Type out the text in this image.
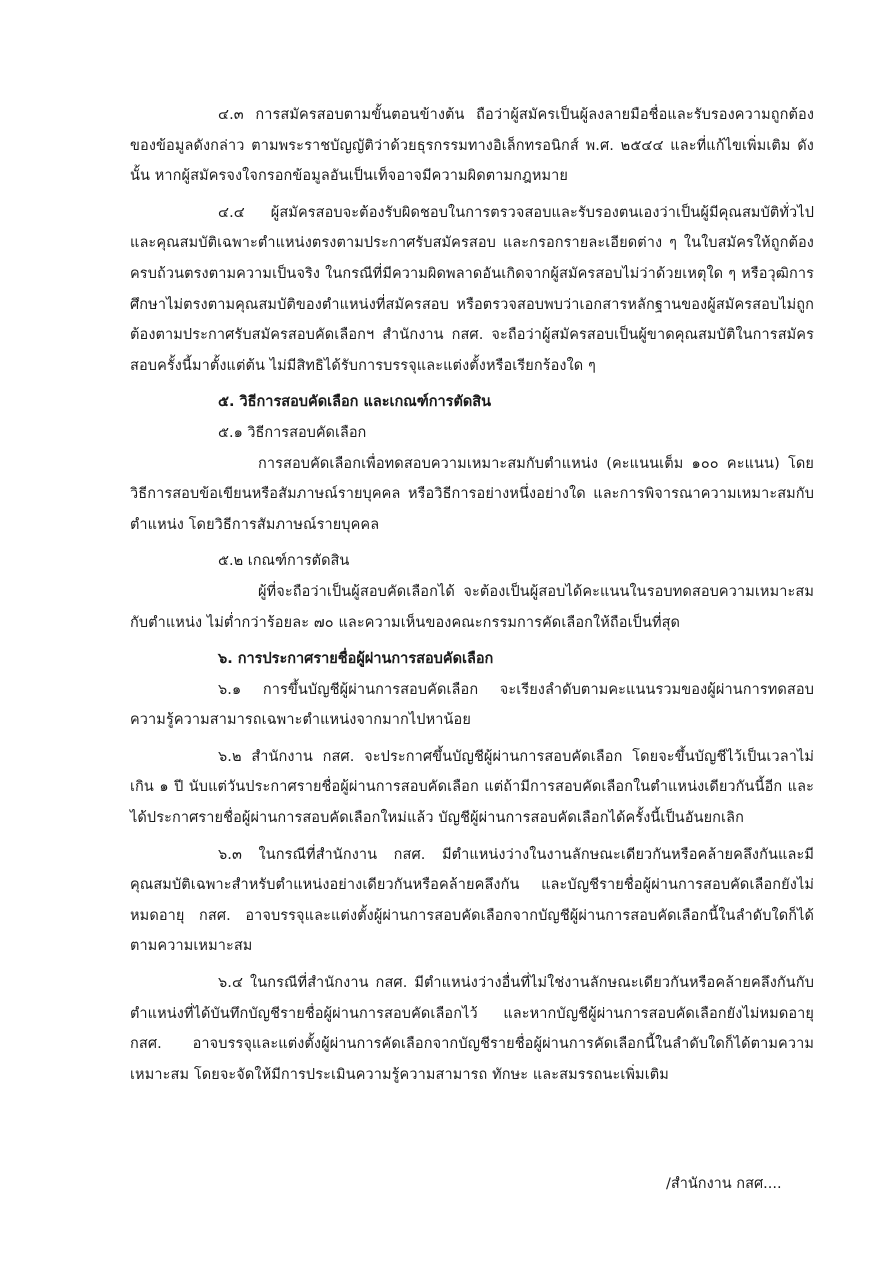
๔.๓ การสมัครสอบตามขั้นตอนข้างต้น ถือว่าผู้สมัครเป็นผู้ลงลายมือชื่อและรับรองความถูกต้องของข้อมูลดังกล่าว ตามพระราชบัญญัติว่าด้วยธุรกรรมทางอิเล็กทรอนิกส์ พ.ศ. ๒๕๔๔ และที่แก้ไขเพิ่มเติม ดังนั้น หากผู้สมัครจงใจกรอกข้อมูลอันเป็นเท็จอาจมีความผิดตามกฎหมาย

๔.๔ ผู้สมัครสอบจะต้องรับผิดชอบในการตรวจสอบและรับรองตนเองว่าเป็นผู้มีคุณสมบัติทั่วไป และคุณสมบัติเฉพาะตำแหน่งตรงตามประกาศรับสมัครสอบ และกรอกรายละเอียดต่าง ๆ ในใบสมัครให้ถูกต้องครบถ้วนตรงตามความเป็นจริง ในกรณีที่มีความผิดพลาดอันเกิดจากผู้สมัครสอบไม่ว่าด้วยเหตุใด ๆ หรือวุฒิการศึกษาไม่ตรงตามคุณสมบัติของตำแหน่งที่สมัครสอบ หรือตรวจสอบพบว่าเอกสารหลักฐานของผู้สมัครสอบไม่ถูกต้องตามประกาศรับสมัครสอบคัดเลือกฯ สำนักงาน กสศ. จะถือว่าผู้สมัครสอบเป็นผู้ขาดคุณสมบัติในการสมัครสอบครั้งนี้มาตั้งแต่ต้น ไม่มีสิทธิได้รับการบรรจุและแต่งตั้งหรือเรียกร้องใด ๆ

๕. วิธีการสอบคัดเลือก และเกณฑ์การตัดสิน

๕.๑ วิธีการสอบคัดเลือก

การสอบคัดเลือกเพื่อทดสอบความเหมาะสมกับตำแหน่ง (คะแนนเต็ม ๑๐๐ คะแนน) โดยวิธีการสอบข้อเขียนหรือสัมภาษณ์รายบุคคล หรือวิธีการอย่างหนึ่งอย่างใด และการพิจารณาความเหมาะสมกับตำแหน่ง โดยวิธีการสัมภาษณ์รายบุคคล

๕.๒ เกณฑ์การตัดสิน

ผู้ที่จะถือว่าเป็นผู้สอบคัดเลือกได้ จะต้องเป็นผู้สอบได้คะแนนในรอบทดสอบความเหมาะสมกับตำแหน่ง ไม่ต่ำกว่าร้อยละ ๗๐ และความเห็นของคณะกรรมการคัดเลือกให้ถือเป็นที่สุด

๖. การประกาศรายชื่อผู้ผ่านการสอบคัดเลือก

๖.๑ การขึ้นบัญชีผู้ผ่านการสอบคัดเลือก จะเรียงลำดับตามคะแนนรวมของผู้ผ่านการทดสอบความรู้ความสามารถเฉพาะตำแหน่งจากมากไปหาน้อย

๖.๒ สำนักงาน กสศ. จะประกาศขึ้นบัญชีผู้ผ่านการสอบคัดเลือก โดยจะขึ้นบัญชีไว้เป็นเวลาไม่เกิน ๑ ปี นับแต่วันประกาศรายชื่อผู้ผ่านการสอบคัดเลือก แต่ถ้ามีการสอบคัดเลือกในตำแหน่งเดียวกันนี้อีก และได้ประกาศรายชื่อผู้ผ่านการสอบคัดเลือกใหม่แล้ว บัญชีผู้ผ่านการสอบคัดเลือกได้ครั้งนี้เป็นอันยกเลิก

๖.๓ ในกรณีที่สำนักงาน กสศ. มีตำแหน่งว่างในงานลักษณะเดียวกันหรือคล้ายคลึงกันและมีคุณสมบัติเฉพาะสำหรับตำแหน่งอย่างเดียวกันหรือคล้ายคลึงกัน และบัญชีรายชื่อผู้ผ่านการสอบคัดเลือกยังไม่หมดอายุ กสศ. อาจบรรจุและแต่งตั้งผู้ผ่านการสอบคัดเลือกจากบัญชีผู้ผ่านการสอบคัดเลือกนี้ในลำดับใดก็ได้ตามความเหมาะสม

๖.๔ ในกรณีที่สำนักงาน กสศ. มีตำแหน่งว่างอื่นที่ไม่ใช่งานลักษณะเดียวกันหรือคล้ายคลึงกันกับตำแหน่งที่ได้บันทึกบัญชีรายชื่อผู้ผ่านการสอบคัดเลือกไว้ และหากบัญชีผู้ผ่านการสอบคัดเลือกยังไม่หมดอายุ กสศ. อาจบรรจุและแต่งตั้งผู้ผ่านการคัดเลือกจากบัญชีรายชื่อผู้ผ่านการคัดเลือกนี้ในลำดับใดก็ได้ตามความเหมาะสม โดยจะจัดให้มีการประเมินความรู้ความสามารถ ทักษะ และสมรรถนะเพิ่มเติม

/สำนักงาน กสศ....
